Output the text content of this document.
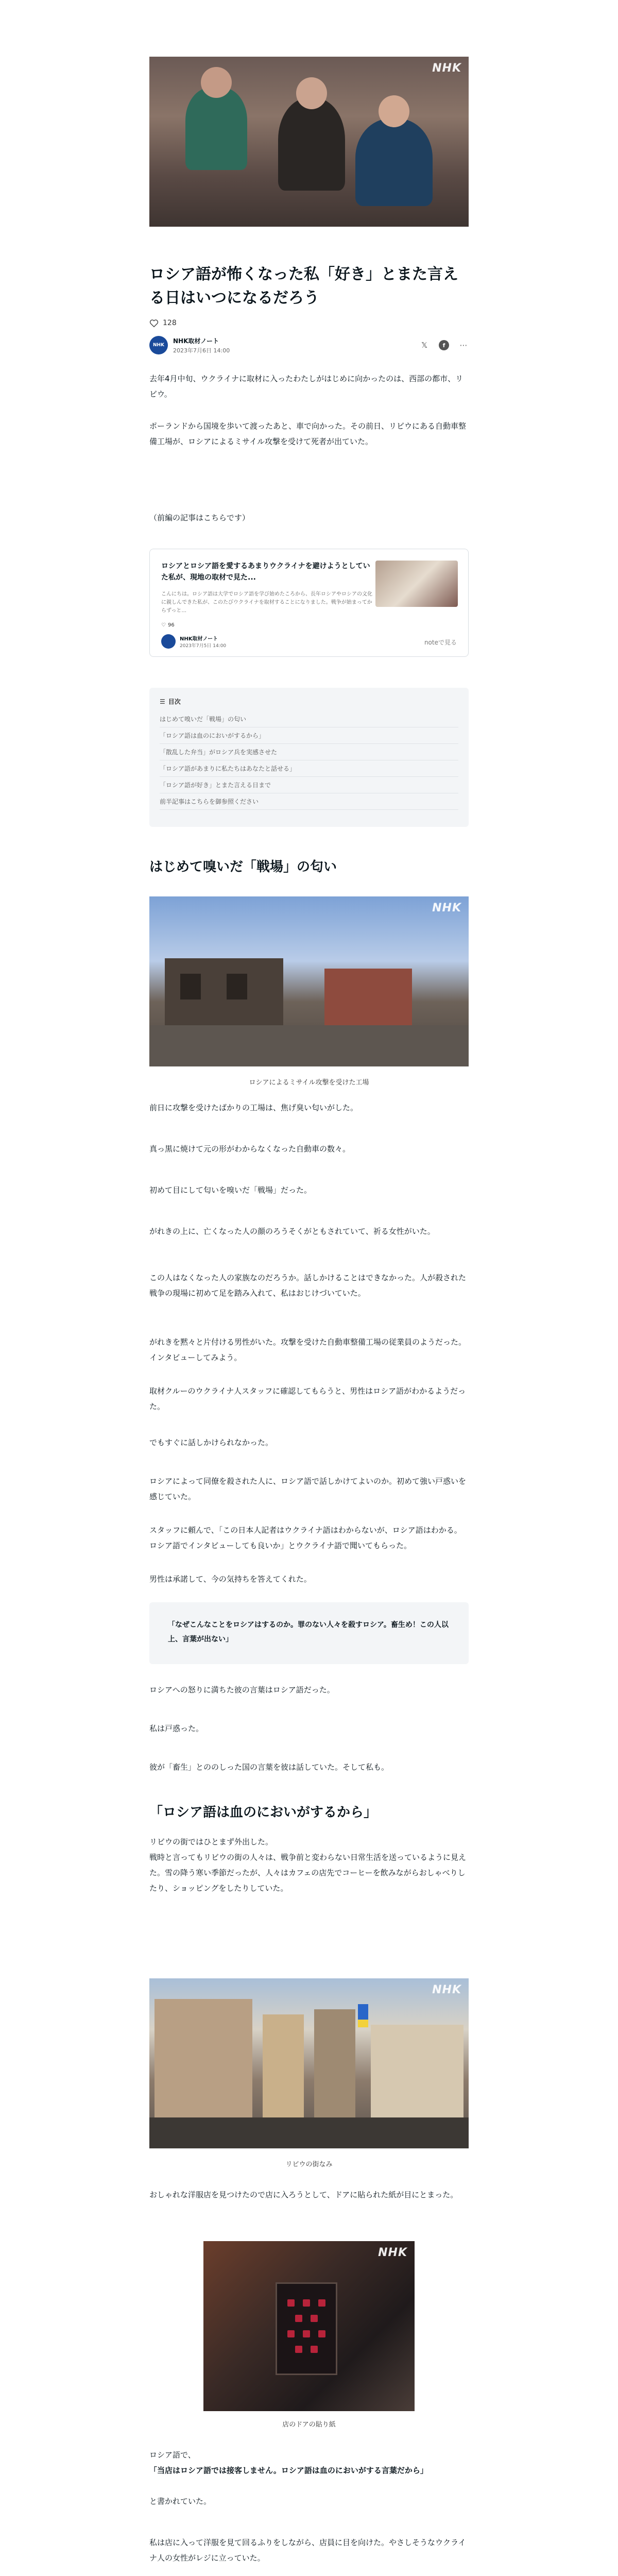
NHK
ロシア語が怖くなった私「好き」とまた言える日はいつになるだろう
128
NHK
NHK取材ノート
2023年7月6日 14:00
𝕏	f	⋯

去年4月中旬、ウクライナに取材に入ったわたしがはじめに向かったのは、西部の都市、リビウ。

ポーランドから国境を歩いて渡ったあと、車で向かった。その前日、リビウにある自動車整備工場が、ロシアによるミサイル攻撃を受けて死者が出ていた。

（前編の記事はこちらです）

ロシアとロシア語を愛するあまりウクライナを避けようとしていた私が、現地の取材で見た...
こんにちは。ロシア語は大学でロシア語を学び始めたころから、長年ロシアやロシアの文化に親しんできた私が、このたびウクライナを取材することになりました。戦争が始まってからずっと...
♡ 96
NHK取材ノート
2023年7月5日 14:00	noteで見る
☰ 目次
はじめて嗅いだ「戦場」の匂い
「ロシア語は血のにおいがするから」
「散乱した弁当」がロシア兵を実感させた
「ロシア語があまりに私たちはあなたと話せる」
「ロシア語が好き」とまた言える日まで
前半記事はこちらを御参照ください
はじめて嗅いだ「戦場」の匂い
NHK
ロシアによるミサイル攻撃を受けた工場

前日に攻撃を受けたばかりの工場は、焦げ臭い匂いがした。

真っ黒に焼けて元の形がわからなくなった自動車の数々。

初めて目にして匂いを嗅いだ「戦場」だった。

がれきの上に、亡くなった人の顔のろうそくがともされていて、祈る女性がいた。

この人はなくなった人の家族なのだろうか。話しかけることはできなかった。人が殺された戦争の現場に初めて足を踏み入れて、私はおじけづいていた。

がれきを黙々と片付ける男性がいた。攻撃を受けた自動車整備工場の従業員のようだった。インタビューしてみよう。

取材クルーのウクライナ人スタッフに確認してもらうと、男性はロシア語がわかるようだった。

でもすぐに話しかけられなかった。

ロシアによって同僚を殺された人に、ロシア語で話しかけてよいのか。初めて強い戸惑いを感じていた。

スタッフに頼んで、「この日本人記者はウクライナ語はわからないが、ロシア語はわかる。ロシア語でインタビューしても良いか」とウクライナ語で聞いてもらった。

男性は承諾して、今の気持ちを答えてくれた。

「なぜこんなことをロシアはするのか。罪のない人々を殺すロシア。畜生め！この人以上、言葉が出ない」

ロシアへの怒りに満ちた彼の言葉はロシア語だった。

私は戸惑った。

彼が「畜生」とののしった国の言葉を彼は話していた。そして私も。

「ロシア語は血のにおいがするから」

リビウの街ではひとまず外出した。

戦時と言ってもリビウの街の人々は、戦争前と変わらない日常生活を送っているように見えた。雪の降う寒い季節だったが、人々はカフェの店先でコーヒーを飲みながらおしゃべりしたり、ショッピングをしたりしていた。

NHK
リビウの街なみ

おしゃれな洋服店を見つけたので店に入ろうとして、ドアに貼られた紙が目にとまった。

NHK
店のドアの貼り紙

ロシア語で、

「当店はロシア語では接客しません。ロシア語は血のにおいがする言葉だから」

と書かれていた。

私は店に入って洋服を見て回るふりをしながら、店員に目を向けた。やさしそうなウクライナ人の女性がレジに立っていた。
